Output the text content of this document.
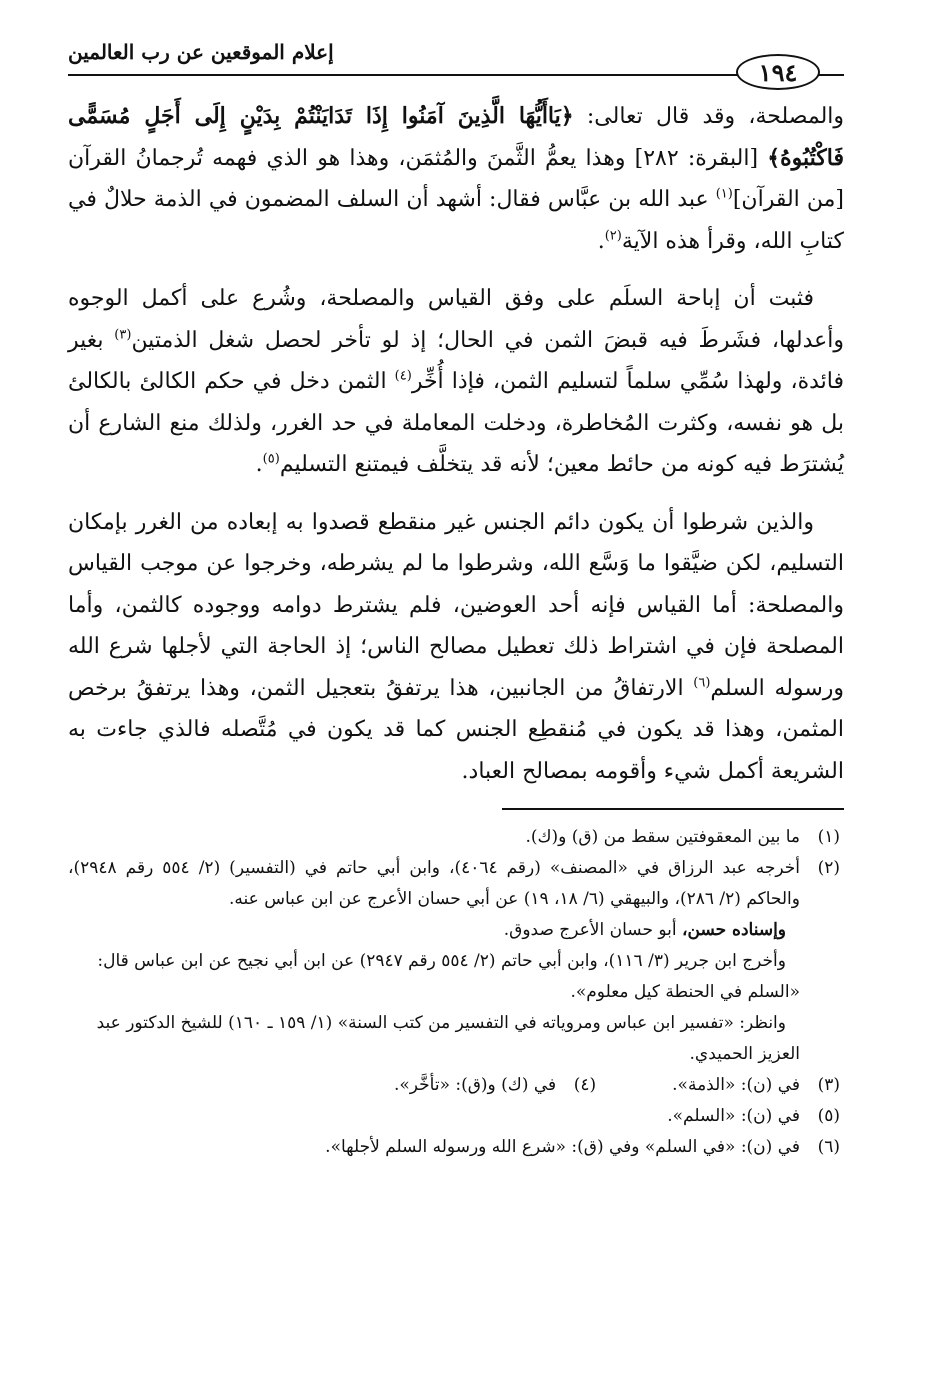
إعلام الموقعين عن رب العالمين
١٩٤

والمصلحة، وقد قال تعالى: ﴿يَاأَيُّهَا الَّذِينَ آمَنُوا إِذَا تَدَايَنْتُمْ بِدَيْنٍ إِلَى أَجَلٍ مُسَمًّى فَاكْتُبُوهُ﴾ [البقرة: ٢٨٢] وهذا يعمُّ الثَّمنَ والمُثمَن، وهذا هو الذي فهمه تُرجمانُ القرآن [من القرآن]$^{(١)}$ عبد الله بن عبَّاس فقال: أشهد أن السلف المضمون في الذمة حلالٌ في كتابِ الله، وقرأ هذه الآية$^{(٢)}$.

فثبت أن إباحة السلَم على وفق القياس والمصلحة، وشُرع على أكمل الوجوه وأعدلها، فشَرطَ فيه قبضَ الثمن في الحال؛ إذ لو تأخر لحصل شغل الذمتين$^{(٣)}$ بغير فائدة، ولهذا سُمِّي سلماً لتسليم الثمن، فإذا أُخِّر$^{(٤)}$ الثمن دخل في حكم الكالئ بالكالئ بل هو نفسه، وكثرت المُخاطرة، ودخلت المعاملة في حد الغرر، ولذلك منع الشارع أن يُشترَط فيه كونه من حائط معين؛ لأنه قد يتخلَّف فيمتنع التسليم$^{(٥)}$.

والذين شرطوا أن يكون دائم الجنس غير منقطع قصدوا به إبعاده من الغرر بإمكان التسليم، لكن ضيَّقوا ما وَسَّع الله، وشرطوا ما لم يشرطه، وخرجوا عن موجب القياس والمصلحة: أما القياس فإنه أحد العوضين، فلم يشترط دوامه ووجوده كالثمن، وأما المصلحة فإن في اشتراط ذلك تعطيل مصالح الناس؛ إذ الحاجة التي لأجلها شرع الله ورسوله السلم$^{(٦)}$ الارتفاقُ من الجانبين، هذا يرتفقُ بتعجيل الثمن، وهذا يرتفقُ برخص المثمن، وهذا قد يكون في مُنقطِع الجنس كما قد يكون في مُتَّصله فالذي جاءت به الشريعة أكمل شيء وأقومه بمصالح العباد.

(١)
ما بين المعقوفتين سقط من (ق) و(ك).
(٢)
أخرجه عبد الرزاق في «المصنف» (رقم ٤٠٦٤)، وابن أبي حاتم في (التفسير) (٢/ ٥٥٤ رقم ٢٩٤٨)، والحاكم (٢/ ٢٨٦)، والبيهقي (٦/ ١٨، ١٩) عن أبي حسان الأعرج عن ابن عباس عنه.
وإسناده حسن، أبو حسان الأعرج صدوق.
وأخرج ابن جرير (٣/ ١١٦)، وابن أبي حاتم (٢/ ٥٥٤ رقم ٢٩٤٧) عن ابن أبي نجيح عن ابن عباس قال: «السلم في الحنطة كيل معلوم».
وانظر: «تفسير ابن عباس ومروياته في التفسير من كتب السنة» (١/ ١٥٩ ـ ١٦٠) للشيخ الدكتور عبد العزيز الحميدي.
(٣)
في (ن): «الذمة».
(٤)
في (ك) و(ق): «تأخَّر».
(٥)
في (ن): «السلم».
(٦)
في (ن): «في السلم» وفي (ق): «شرع الله ورسوله السلم لأجلها».
